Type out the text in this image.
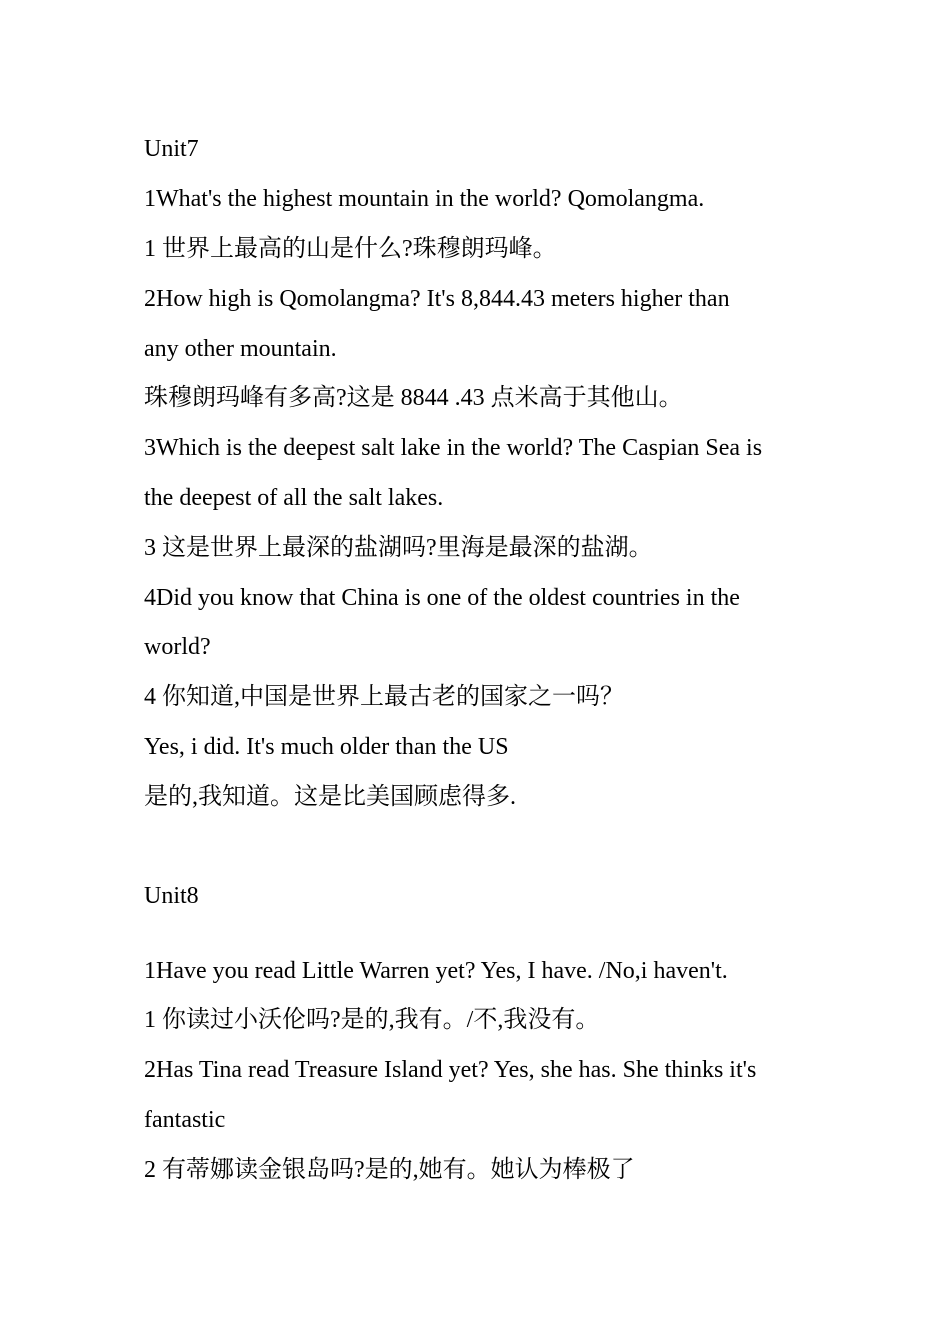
Unit7

1What's the highest mountain in the world? Qomolangma.

1 世界上最高的山是什么?珠穆朗玛峰。

2How high is Qomolangma? It's 8,844.43 meters higher than

any other mountain.

珠穆朗玛峰有多高?这是 8844 .43 点米高于其他山。

3Which is the deepest salt lake in the world? The Caspian Sea is

the deepest of all the salt lakes.

3 这是世界上最深的盐湖吗?里海是最深的盐湖。

4Did you know that China is one of the oldest countries in the

world?

4 你知道,中国是世界上最古老的国家之一吗？

Yes, i did. It's much older than the US

是的,我知道。这是比美国顾虑得多.

Unit8

1Have you read Little Warren yet? Yes, I have. /No,i haven't.

1 你读过小沃伦吗?是的,我有。/不,我没有。

2Has Tina read Treasure Island yet? Yes, she has. She thinks it's

fantastic

2 有蒂娜读金银岛吗?是的,她有。她认为棒极了
